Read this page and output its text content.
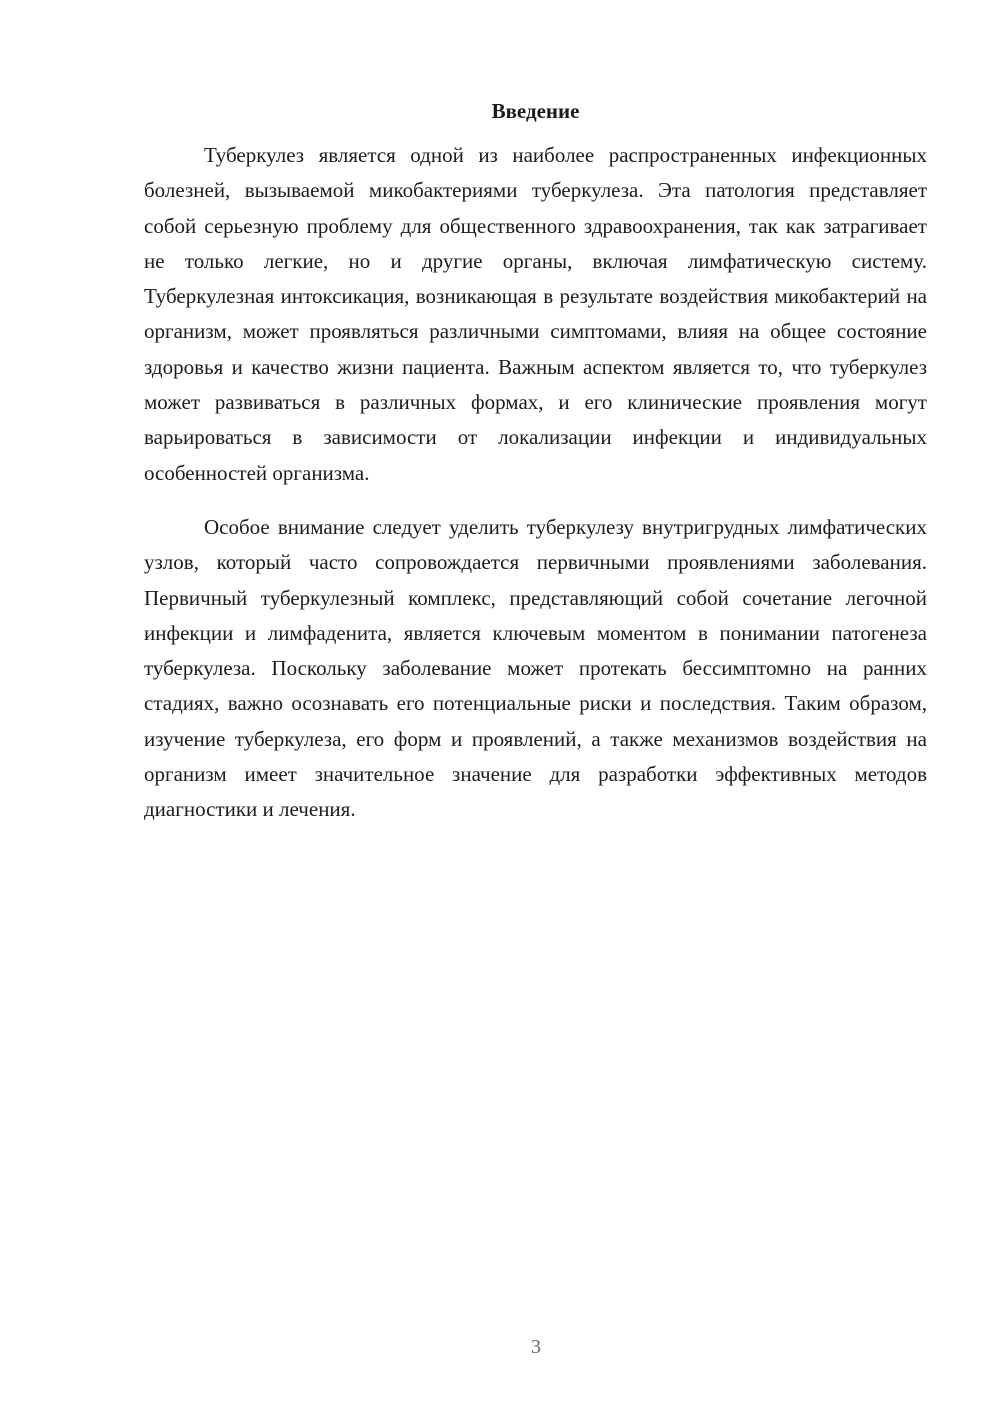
Введение

Туберкулез является одной из наиболее распространенных инфекционных болезней, вызываемой микобактериями туберкулеза. Эта патология представляет собой серьезную проблему для общественного здравоохранения, так как затрагивает не только легкие, но и другие органы, включая лимфатическую систему. Туберкулезная интоксикация, возникающая в результате воздействия микобактерий на организм, может проявляться различными симптомами, влияя на общее состояние здоровья и качество жизни пациента. Важным аспектом является то, что туберкулез может развиваться в различных формах, и его клинические проявления могут варьироваться в зависимости от локализации инфекции и индивидуальных особенностей организма.

Особое внимание следует уделить туберкулезу внутригрудных лимфатических узлов, который часто сопровождается первичными проявлениями заболевания. Первичный туберкулезный комплекс, представляющий собой сочетание легочной инфекции и лимфаденита, является ключевым моментом в понимании патогенеза туберкулеза. Поскольку заболевание может протекать бессимптомно на ранних стадиях, важно осознавать его потенциальные риски и последствия. Таким образом, изучение туберкулеза, его форм и проявлений, а также механизмов воздействия на организм имеет значительное значение для разработки эффективных методов диагностики и лечения.

3
